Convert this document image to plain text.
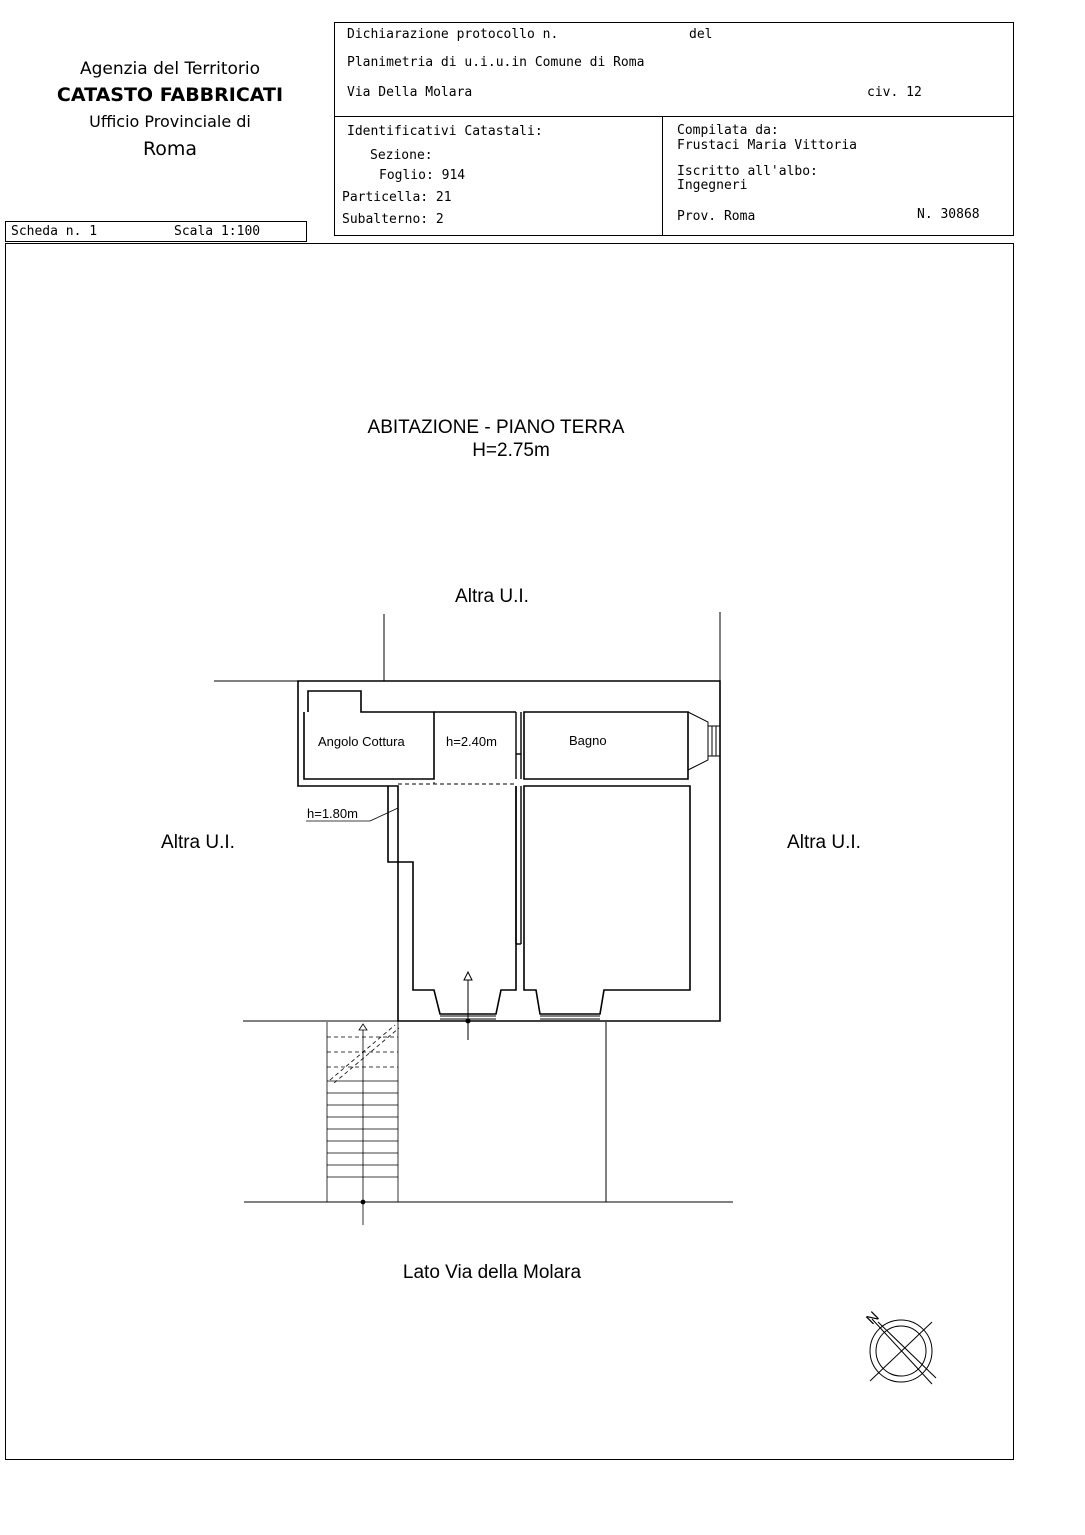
Agenzia del Territorio
CATASTO FABBRICATI
Ufficio Provinciale di
Roma
Scheda n. 1	Scala 1:100
Dichiarazione protocollo n.	del
Planimetria di u.i.u.in Comune di Roma
Via Della Molara	civ. 12
Identificativi Catastali:
Sezione:
Foglio: 914
Particella: 21
Subalterno: 2
Compilata da:
Frustaci Maria Vittoria
Iscritto all'albo:
Ingegneri
Prov. Roma	N. 30868
ABITAZIONE - PIANO TERRA
H=2.75m
Altra U.I.
Altra U.I.	Altra U.I.
Lato Via della Molara
Angolo Cottura	h=2.40m	Bagno
h=1.80m
N
